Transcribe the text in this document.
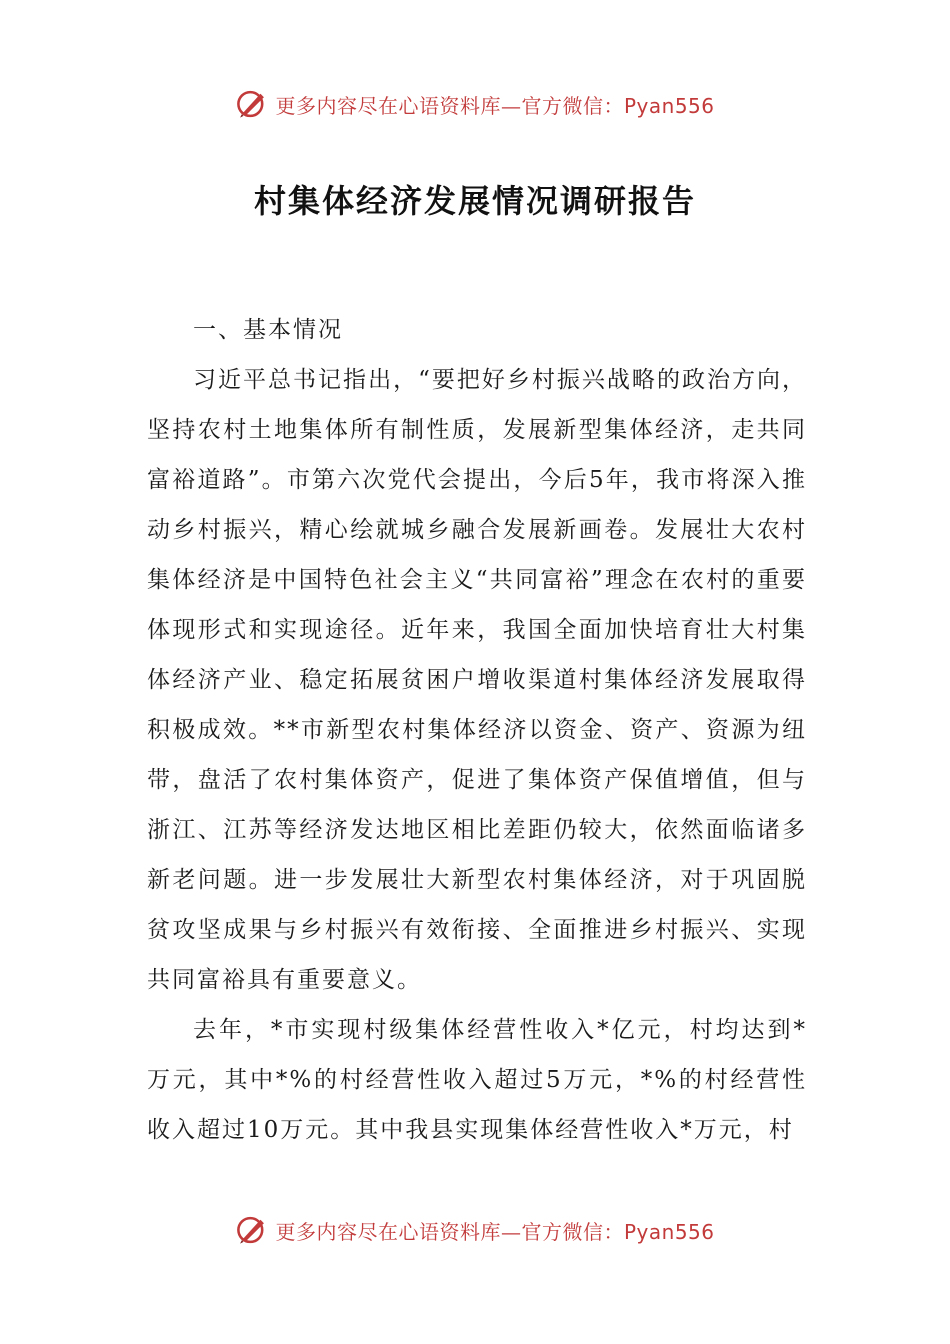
更多内容尽在心语资料库—官方微信：Pyan556
村集体经济发展情况调研报告
一、基本情况

习近平总书记指出，“要把好乡村振兴战略的政治方向，坚持农村土地集体所有制性质，发展新型集体经济，走共同富裕道路”。市第六次党代会提出，今后5年，我市将深入推动乡村振兴，精心绘就城乡融合发展新画卷。发展壮大农村集体经济是中国特色社会主义“共同富裕”理念在农村的重要体现形式和实现途径。近年来，我国全面加快培育壮大村集体经济产业、稳定拓展贫困户增收渠道村集体经济发展取得积极成效。**市新型农村集体经济以资金、资产、资源为纽带，盘活了农村集体资产，促进了集体资产保值增值，但与浙江、江苏等经济发达地区相比差距仍较大，依然面临诸多新老问题。进一步发展壮大新型农村集体经济，对于巩固脱贫攻坚成果与乡村振兴有效衔接、全面推进乡村振兴、实现共同富裕具有重要意义。

去年，*市实现村级集体经营性收入*亿元，村均达到*万元，其中*%的村经营性收入超过5万元，*%的村经营性收入超过10万元。其中我县实现集体经营性收入*万元，村

更多内容尽在心语资料库—官方微信：Pyan556
